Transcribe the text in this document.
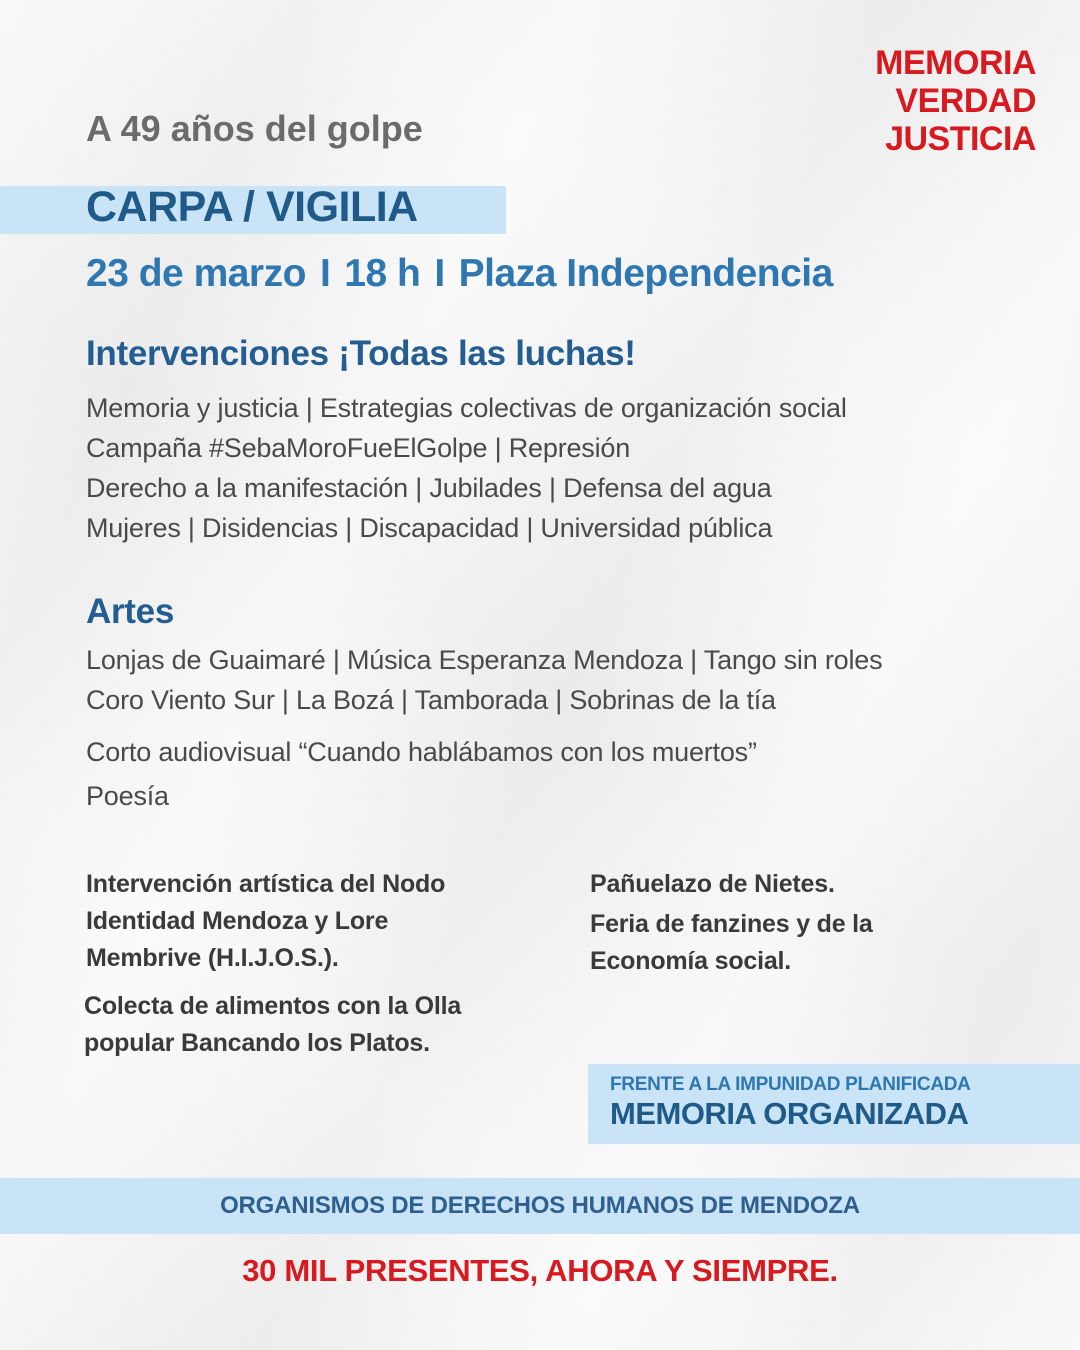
MEMORIA
VERDAD
JUSTICIA
A 49 años del golpe
CARPA / VIGILIA
23 de marzo I 18 h I Plaza Independencia
Intervenciones ¡Todas las luchas!
Memoria y justicia | Estrategias colectivas de organización social
Campaña #SebaMoroFueElGolpe | Represión
Derecho a la manifestación | Jubilades | Defensa del agua
Mujeres | Disidencias | Discapacidad | Universidad pública
Artes
Lonjas de Guaimaré | Música Esperanza Mendoza | Tango sin roles
Coro Viento Sur | La Bozá | Tamborada | Sobrinas de la tía
Corto audiovisual “Cuando hablábamos con los muertos”
Poesía
Intervención artística del Nodo
Identidad Mendoza y Lore
Membrive (H.I.J.O.S.).
Colecta de alimentos con la Olla
popular Bancando los Platos.
Pañuelazo de Nietes.
Feria de fanzines y de la
Economía social.
FRENTE A LA IMPUNIDAD PLANIFICADA
MEMORIA ORGANIZADA
ORGANISMOS DE DERECHOS HUMANOS DE MENDOZA
30 MIL PRESENTES, AHORA Y SIEMPRE.
